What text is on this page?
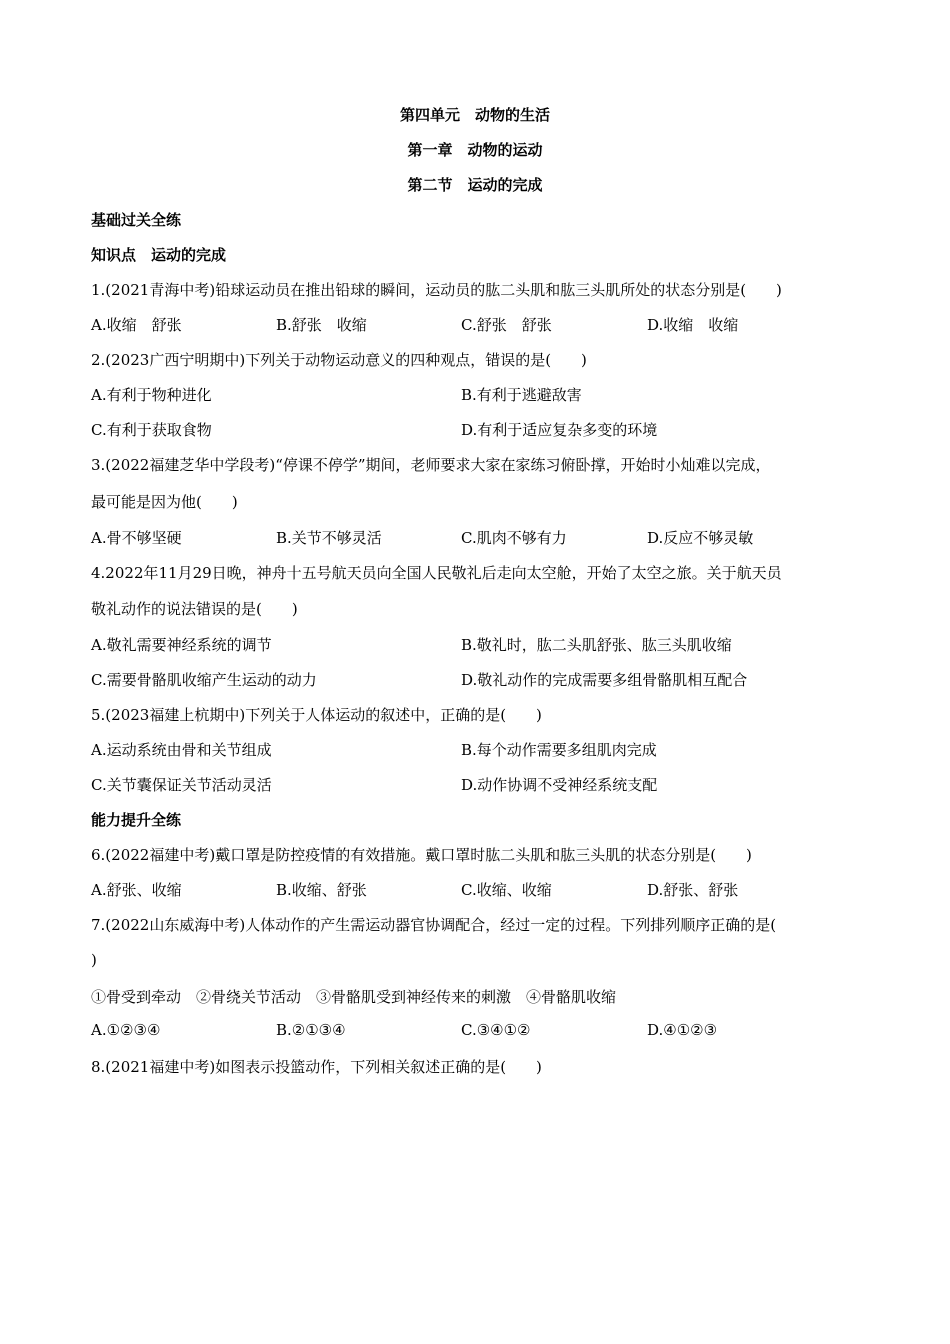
第四单元　动物的生活
第一章　动物的运动
第二节　运动的完成
基础过关全练
知识点　运动的完成
1.(2021青海中考)铅球运动员在推出铅球的瞬间，运动员的肱二头肌和肱三头肌所处的状态分别是(　　)
A.收缩　舒张	B.舒张　收缩	C.舒张　舒张	D.收缩　收缩
2.(2023广西宁明期中)下列关于动物运动意义的四种观点，错误的是(　　)
A.有利于物种进化	B.有利于逃避敌害
C.有利于获取食物	D.有利于适应复杂多变的环境
3.(2022福建芝华中学段考)“停课不停学”期间，老师要求大家在家练习俯卧撑，开始时小灿难以完成，
最可能是因为他(　　)
A.骨不够坚硬	B.关节不够灵活	C.肌肉不够有力	D.反应不够灵敏
4.2022年11月29日晚，神舟十五号航天员向全国人民敬礼后走向太空舱，开始了太空之旅。关于航天员
敬礼动作的说法错误的是(　　)
A.敬礼需要神经系统的调节	B.敬礼时，肱二头肌舒张、肱三头肌收缩
C.需要骨骼肌收缩产生运动的动力	D.敬礼动作的完成需要多组骨骼肌相互配合
5.(2023福建上杭期中)下列关于人体运动的叙述中，正确的是(　　)
A.运动系统由骨和关节组成	B.每个动作需要多组肌肉完成
C.关节囊保证关节活动灵活	D.动作协调不受神经系统支配
能力提升全练
6.(2022福建中考)戴口罩是防控疫情的有效措施。戴口罩时肱二头肌和肱三头肌的状态分别是(　　)
A.舒张、收缩	B.收缩、舒张	C.收缩、收缩	D.舒张、舒张
7.(2022山东威海中考)人体动作的产生需运动器官协调配合，经过一定的过程。下列排列顺序正确的是(
)
①骨受到牵动　②骨绕关节活动　③骨骼肌受到神经传来的刺激　④骨骼肌收缩
A.①②③④	B.②①③④	C.③④①②	D.④①②③
8.(2021福建中考)如图表示投篮动作，下列相关叙述正确的是(　　)
